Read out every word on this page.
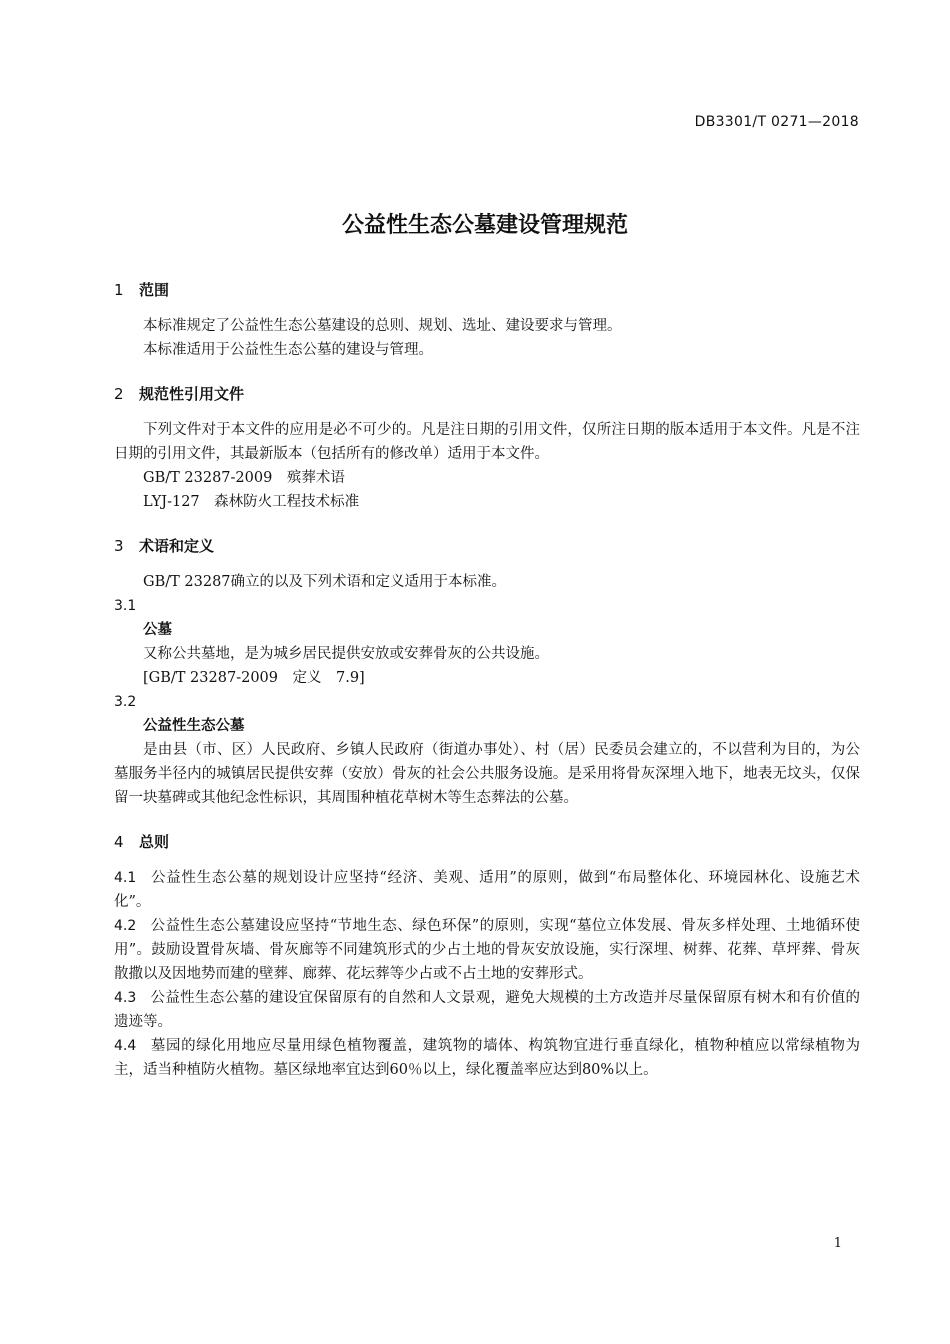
DB3301/T 0271—2018
公益性生态公墓建设管理规范
1	范围
本标准规定了公益性生态公墓建设的总则、规划、选址、建设要求与管理。
本标准适用于公益性生态公墓的建设与管理。
2	规范性引用文件
下列文件对于本文件的应用是必不可少的。凡是注日期的引用文件，仅所注日期的版本适用于本文件。凡是不注日期的引用文件，其最新版本（包括所有的修改单）适用于本文件。
GB/T 23287-2009　殡葬术语
LYJ-127　森林防火工程技术标准
3	术语和定义
GB/T 23287确立的以及下列术语和定义适用于本标准。
3.1
公墓
又称公共墓地，是为城乡居民提供安放或安葬骨灰的公共设施。
[GB/T 23287-2009　定义　7.9]
3.2
公益性生态公墓
是由县（市、区）人民政府、乡镇人民政府（街道办事处）、村（居）民委员会建立的，不以营利为目的，为公墓服务半径内的城镇居民提供安葬（安放）骨灰的社会公共服务设施。是采用将骨灰深埋入地下，地表无坟头，仅保留一块墓碑或其他纪念性标识，其周围种植花草树木等生态葬法的公墓。
4	总则
4.1 公益性生态公墓的规划设计应坚持“经济、美观、适用”的原则，做到“布局整体化、环境园林化、设施艺术化”。
4.2 公益性生态公墓建设应坚持“节地生态、绿色环保”的原则，实现“墓位立体发展、骨灰多样处理、土地循环使用”。鼓励设置骨灰墙、骨灰廊等不同建筑形式的少占土地的骨灰安放设施，实行深埋、树葬、花葬、草坪葬、骨灰散撒以及因地势而建的壁葬、廊葬、花坛葬等少占或不占土地的安葬形式。
4.3 公益性生态公墓的建设宜保留原有的自然和人文景观，避免大规模的土方改造并尽量保留原有树木和有价值的遗迹等。
4.4 墓园的绿化用地应尽量用绿色植物覆盖，建筑物的墙体、构筑物宜进行垂直绿化，植物种植应以常绿植物为主，适当种植防火植物。墓区绿地率宜达到60％以上，绿化覆盖率应达到80%以上。
1
